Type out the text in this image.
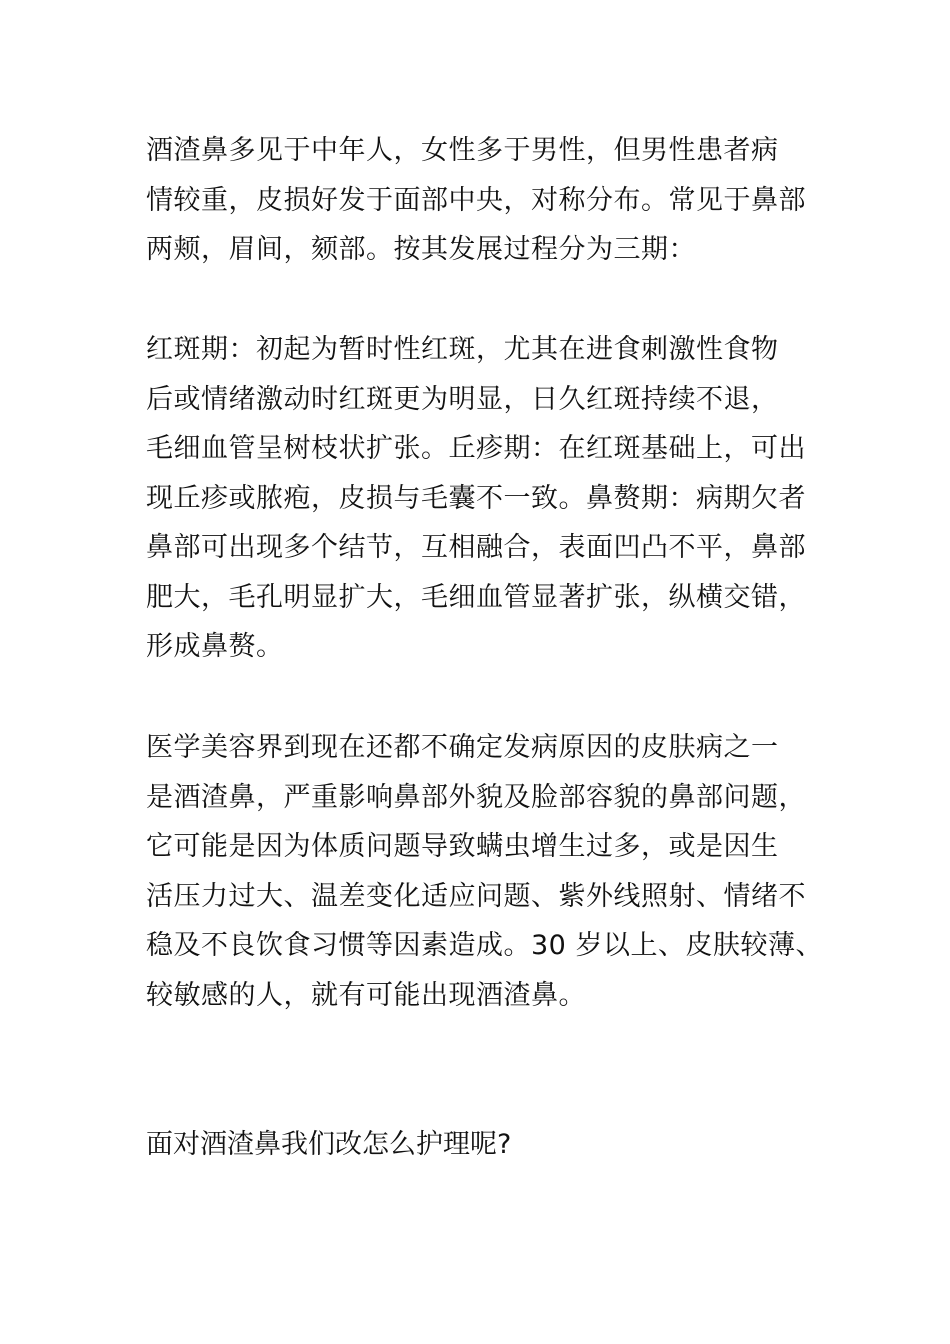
酒渣鼻多见于中年人，女性多于男性，但男性患者病
情较重，皮损好发于面部中央，对称分布。常见于鼻部
两颊，眉间，颏部。按其发展过程分为三期：
红斑期：初起为暂时性红斑，尤其在进食刺激性食物
后或情绪激动时红斑更为明显，日久红斑持续不退，
毛细血管呈树枝状扩张。丘疹期：在红斑基础上，可出
现丘疹或脓疱，皮损与毛囊不一致。鼻赘期：病期欠者
鼻部可出现多个结节，互相融合，表面凹凸不平，鼻部
肥大，毛孔明显扩大，毛细血管显著扩张，纵横交错，
形成鼻赘。
医学美容界到现在还都不确定发病原因的皮肤病之一
是酒渣鼻，严重影响鼻部外貌及脸部容貌的鼻部问题，
它可能是因为体质问题导致螨虫增生过多，或是因生
活压力过大、温差变化适应问题、紫外线照射、情绪不
稳及不良饮食习惯等因素造成。30 岁以上、皮肤较薄、
较敏感的人，就有可能出现酒渣鼻。
面对酒渣鼻我们改怎么护理呢?
